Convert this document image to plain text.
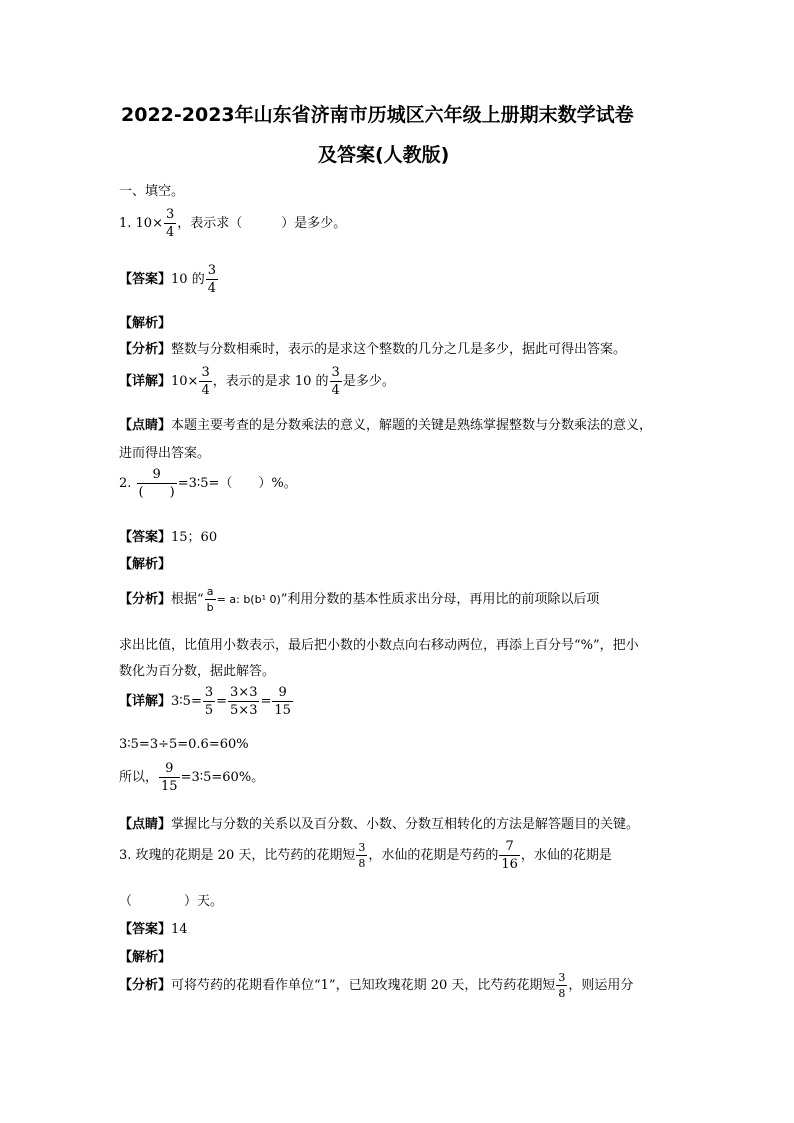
2022-2023年山东省济南市历城区六年级上册期末数学试卷
及答案(人教版)
一、填空。
1. $10\times \frac{3}{4}$ ，表示求（　　　）是多少。
【答案】10 的 $\frac{3}{4}$
【解析】
【分析】整数与分数相乘时，表示的是求这个整数的几分之几是多少，据此可得出答案。
【详解】$10\times \frac{3}{4}$ ，表示的是求 10 的 $\frac{3}{4}$ 是多少。
【点睛】本题主要考查的是分数乘法的意义，解题的关键是熟练掌握整数与分数乘法的意义，
进而得出答案。
2. $\frac{9}{( )}$ =3∶5=（　　）%。
【答案】15；60
【解析】
【分析】根据“ $\frac{a}{b} = a$: b(b¹ 0)”利用分数的基本性质求出分母，再用比的前项除以后项
求出比值，比值用小数表示，最后把小数的小数点向右移动两位，再添上百分号“%”，把小
数化为百分数，据此解答。
【详解】3∶5= $\frac{3}{5} = \frac{3\times 3}{5\times 3} = \frac{9}{15}$
3∶5=3÷5=0.6=60%
所以， $\frac{9}{15}$ =3∶5=60%。
【点睛】掌握比与分数的关系以及百分数、小数、分数互相转化的方法是解答题目的关键。
3. 玫瑰的花期是 20 天，比芍药的花期短 $\frac{3}{8}$ ，水仙的花期是芍药的 $\frac{7}{16}$ ，水仙的花期是
（　　　　）天。
【答案】14
【解析】
【分析】可将芍药的花期看作单位“1”，已知玫瑰花期 20 天，比芍药花期短 $\frac{3}{8}$ ，则运用分
